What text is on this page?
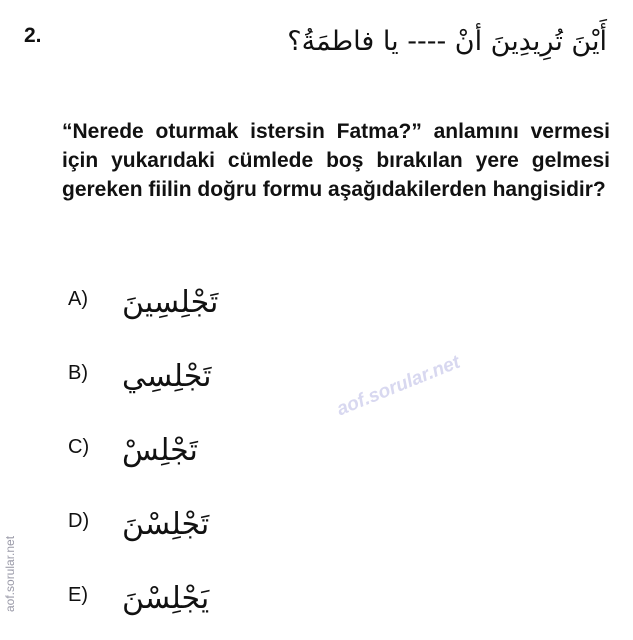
2.	أَيْنَ تُرِيدِينَ أنْ ---- يا فاطمَةُ؟
“Nerede oturmak istersin Fatma?” anlamını vermesi için yukarıdaki cümlede boş bırakılan yere gelmesi gereken fiilin doğru formu aşağıdakilerden hangisidir?
A)	تَجْلِسِينَ
B)	تَجْلِسِي
C)	تَجْلِسْ
D)	تَجْلِسْنَ
E)	يَجْلِسْنَ
aof.sorular.net
aof.sorular.net
